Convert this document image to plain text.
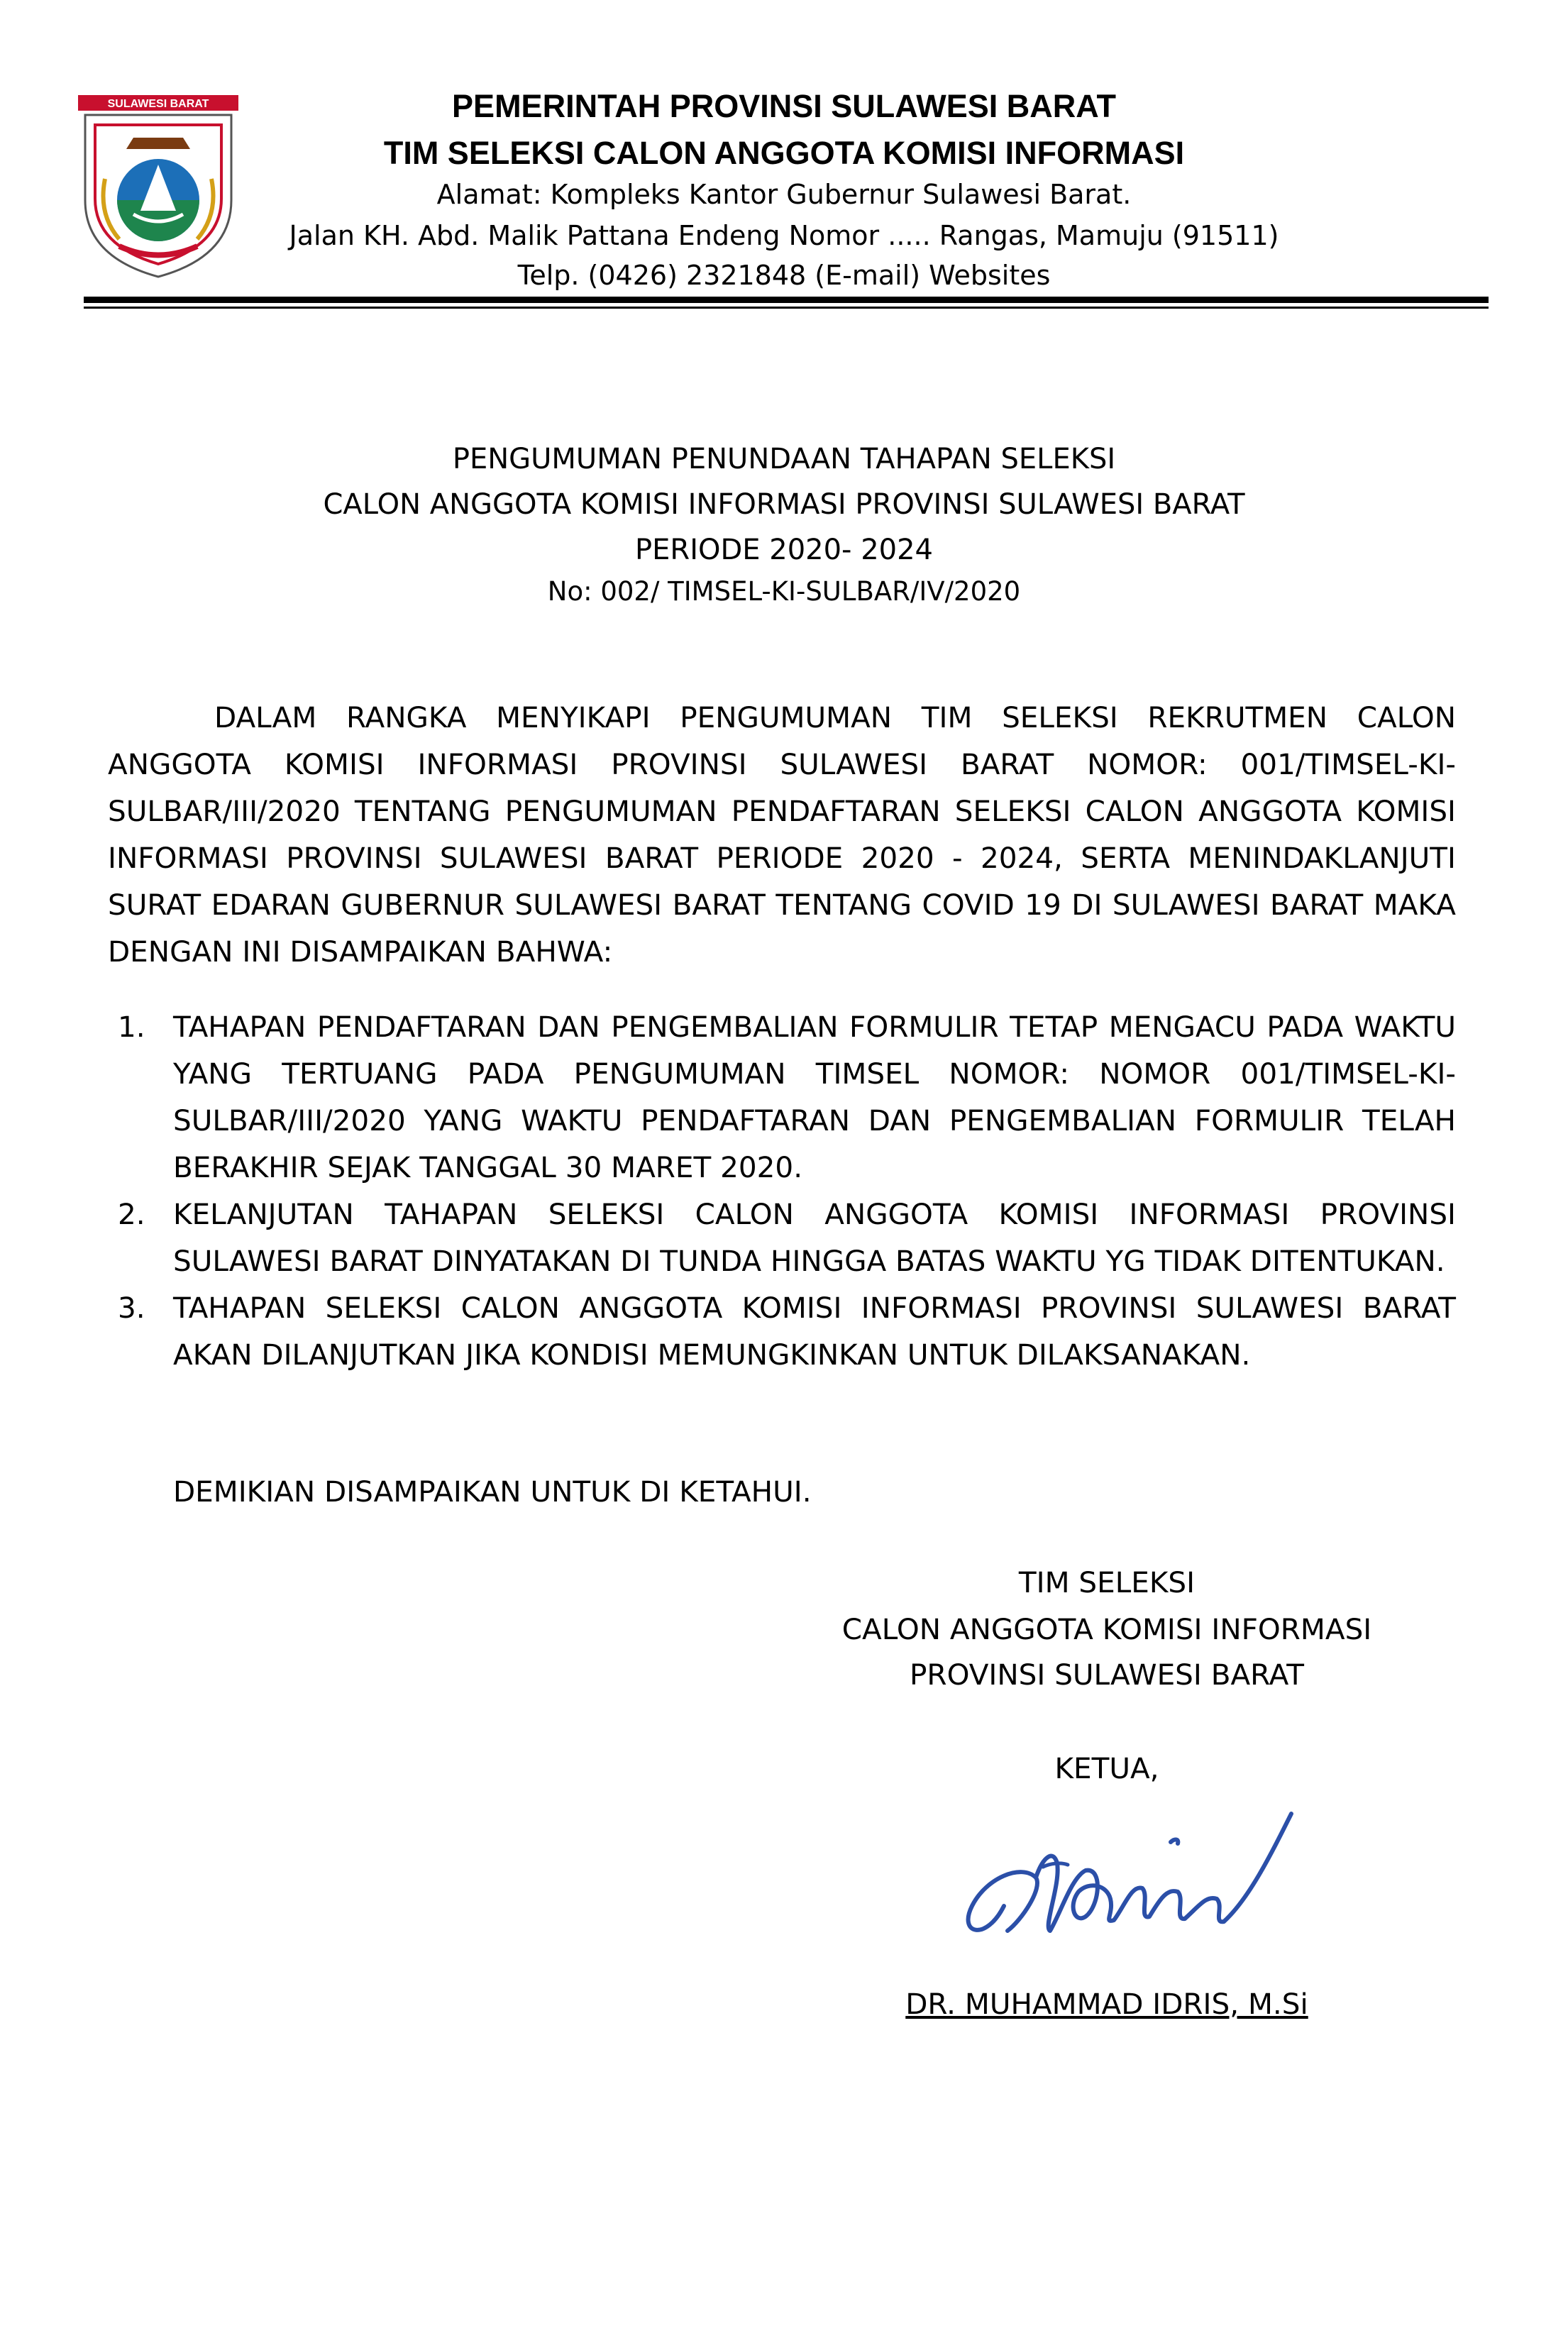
SULAWESI BARAT	PEMERINTAH PROVINSI SULAWESI BARAT
TIM SELEKSI CALON ANGGOTA KOMISI INFORMASI
Alamat: Kompleks Kantor Gubernur Sulawesi Barat.
Jalan KH. Abd. Malik Pattana Endeng Nomor ..... Rangas, Mamuju (91511)
Telp. (0426) 2321848 (E-mail) Websites
PENGUMUMAN PENUNDAAN TAHAPAN SELEKSI
CALON ANGGOTA KOMISI INFORMASI PROVINSI SULAWESI BARAT
PERIODE 2020- 2024
No: 002/ TIMSEL-KI-SULBAR/IV/2020
DALAM RANGKA MENYIKAPI PENGUMUMAN TIM SELEKSI REKRUTMEN CALON ANGGOTA KOMISI INFORMASI PROVINSI SULAWESI BARAT NOMOR: 001/TIMSEL-KI-SULBAR/III/2020 TENTANG PENGUMUMAN PENDAFTARAN SELEKSI CALON ANGGOTA KOMISI INFORMASI PROVINSI SULAWESI BARAT PERIODE 2020 - 2024, SERTA MENINDAKLANJUTI SURAT EDARAN GUBERNUR SULAWESI BARAT TENTANG COVID 19 DI SULAWESI BARAT MAKA DENGAN INI DISAMPAIKAN BAHWA:
1. TAHAPAN PENDAFTARAN DAN PENGEMBALIAN FORMULIR TETAP MENGACU PADA WAKTU YANG TERTUANG PADA PENGUMUMAN TIMSEL NOMOR: NOMOR 001/TIMSEL-KI-SULBAR/III/2020 YANG WAKTU PENDAFTARAN DAN PENGEMBALIAN FORMULIR TELAH BERAKHIR SEJAK TANGGAL 30 MARET 2020.
2. KELANJUTAN TAHAPAN SELEKSI CALON ANGGOTA KOMISI INFORMASI PROVINSI SULAWESI BARAT DINYATAKAN DI TUNDA HINGGA BATAS WAKTU YG TIDAK DITENTUKAN.
3. TAHAPAN SELEKSI CALON ANGGOTA KOMISI INFORMASI PROVINSI SULAWESI BARAT AKAN DILANJUTKAN JIKA KONDISI MEMUNGKINKAN UNTUK DILAKSANAKAN.
DEMIKIAN DISAMPAIKAN UNTUK DI KETAHUI.
TIM SELEKSI
CALON ANGGOTA KOMISI INFORMASI
PROVINSI SULAWESI BARAT
KETUA,
DR. MUHAMMAD IDRIS, M.Si
